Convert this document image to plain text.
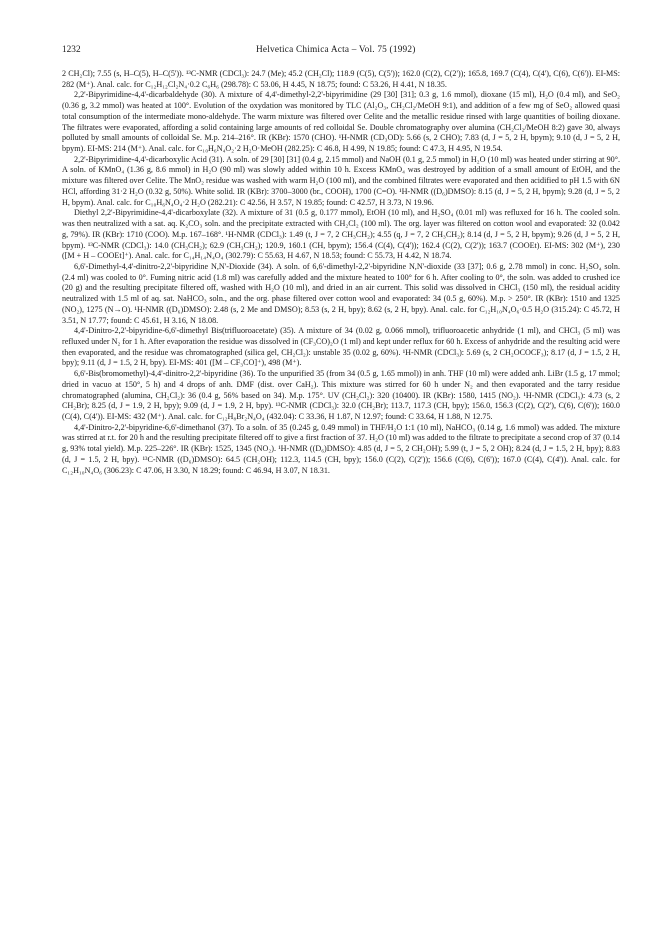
1232	Helvetica Chimica Acta – Vol. 75 (1992)

2 CH₂Cl); 7.55 (s, H–C(5), H–C(5')). ¹³C-NMR (CDCl₃): 24.7 (Me); 45.2 (CH₂Cl); 118.9 (C(5), C(5')); 162.0 (C(2), C(2')); 165.8, 169.7 (C(4), C(4'), C(6), C(6')). EI-MS: 282 (M⁺). Anal. calc. for C₁₂H₁₂Cl₂N₄·0.2 C₆H₆ (298.78): C 53.06, H 4.45, N 18.75; found: C 53.26, H 4.41, N 18.35.

2,2'-Bipyrimidine-4,4'-dicarbaldehyde (30). A mixture of 4,4'-dimethyl-2,2'-bipyrimidine (29 [30] [31]; 0.3 g, 1.6 mmol), dioxane (15 ml), H₂O (0.4 ml), and SeO₂ (0.36 g, 3.2 mmol) was heated at 100°. Evolution of the oxydation was monitored by TLC (Al₂O₃, CH₂Cl₂/MeOH 9:1), and addition of a few mg of SeO₂ allowed quasi total consumption of the intermediate mono-aldehyde. The warm mixture was filtered over Celite and the metallic residue rinsed with large quantities of boiling dioxane. The filtrates were evaporated, affording a solid containing large amounts of red colloidal Se. Double chromatography over alumina (CH₂Cl₂/MeOH 8:2) gave 30, always polluted by small amounts of colloidal Se. M.p. 214–216°. IR (KBr): 1570 (CHO). ¹H-NMR (CD₃OD): 5.66 (s, 2 CHO); 7.83 (d, J = 5, 2 H, bpym); 9.10 (d, J = 5, 2 H, bpym). EI-MS: 214 (M⁺). Anal. calc. for C₁₀H₆N₄O₂·2 H₂O·MeOH (282.25): C 46.8, H 4.99, N 19.85; found: C 47.3, H 4.95, N 19.54.

2,2'-Bipyrimidine-4,4'-dicarboxylic Acid (31). A soln. of 29 [30] [31] (0.4 g, 2.15 mmol) and NaOH (0.1 g, 2.5 mmol) in H₂O (10 ml) was heated under stirring at 90°. A soln. of KMnO₄ (1.36 g, 8.6 mmol) in H₂O (90 ml) was slowly added within 10 h. Excess KMnO₄ was destroyed by addition of a small amount of EtOH, and the mixture was filtered over Celite. The MnO₂ residue was washed with warm H₂O (100 ml), and the combined filtrates were evaporated and then acidified to pH 1.5 with 6N HCl, affording 31·2 H₂O (0.32 g, 50%). White solid. IR (KBr): 3700–3000 (br., COOH), 1700 (C=O). ¹H-NMR ((D₆)DMSO): 8.15 (d, J = 5, 2 H, bpym); 9.28 (d, J = 5, 2 H, bpym). Anal. calc. for C₁₀H₆N₄O₄·2 H₂O (282.21): C 42.56, H 3.57, N 19.85; found: C 42.57, H 3.73, N 19.96.

Diethyl 2,2'-Bipyrimidine-4,4'-dicarboxylate (32). A mixture of 31 (0.5 g, 0.177 mmol), EtOH (10 ml), and H₂SO₄ (0.01 ml) was refluxed for 16 h. The cooled soln. was then neutralized with a sat. aq. K₂CO₃ soln. and the precipitate extracted with CH₂Cl₂ (100 ml). The org. layer was filtered on cotton wool and evaporated: 32 (0.042 g, 79%). IR (KBr): 1710 (COO). M.p. 167–168°. ¹H-NMR (CDCl₃): 1.49 (t, J = 7, 2 CH₃CH₂); 4.55 (q, J = 7, 2 CH₃CH₂); 8.14 (d, J = 5, 2 H, bpym); 9.26 (d, J = 5, 2 H, bpym). ¹³C-NMR (CDCl₃): 14.0 (CH₃CH₂); 62.9 (CH₃CH₂); 120.9, 160.1 (CH, bpym); 156.4 (C(4), C(4')); 162.4 (C(2), C(2')); 163.7 (COOEt). EI-MS: 302 (M⁺), 230 ([M + H – COOEt]⁺). Anal. calc. for C₁₄H₁₄N₄O₄ (302.79): C 55.63, H 4.67, N 18.53; found: C 55.73, H 4.42, N 18.74.

6,6'-Dimethyl-4,4'-dinitro-2,2'-bipyridine N,N'-Dioxide (34). A soln. of 6,6'-dimethyl-2,2'-bipyridine N,N'-dioxide (33 [37]; 0.6 g, 2.78 mmol) in conc. H₂SO₄ soln. (2.4 ml) was cooled to 0°. Fuming nitric acid (1.8 ml) was carefully added and the mixture heated to 100° for 6 h. After cooling to 0°, the soln. was added to crushed ice (20 g) and the resulting precipitate filtered off, washed with H₂O (10 ml), and dried in an air current. This solid was dissolved in CHCl₃ (150 ml), the residual acidity neutralized with 1.5 ml of aq. sat. NaHCO₃ soln., and the org. phase filtered over cotton wool and evaporated: 34 (0.5 g, 60%). M.p. > 250°. IR (KBr): 1510 and 1325 (NO₂), 1275 (N→O). ¹H-NMR ((D₆)DMSO): 2.48 (s, 2 Me and DMSO); 8.53 (s, 2 H, bpy); 8.62 (s, 2 H, bpy). Anal. calc. for C₁₂H₁₀N₄O₆·0.5 H₂O (315.24): C 45.72, H 3.51, N 17.77; found: C 45.61, H 3.16, N 18.08.

4,4'-Dinitro-2,2'-bipyridine-6,6'-dimethyl Bis(trifluoroacetate) (35). A mixture of 34 (0.02 g, 0.066 mmol), trifluoroacetic anhydride (1 ml), and CHCl₃ (5 ml) was refluxed under N₂ for 1 h. After evaporation the residue was dissolved in (CF₃CO)₂O (1 ml) and kept under reflux for 60 h. Excess of anhydride and the resulting acid were then evaporated, and the residue was chromatographed (silica gel, CH₂Cl₂): unstable 35 (0.02 g, 60%). ¹H-NMR (CDCl₃): 5.69 (s, 2 CH₂OCOCF₃); 8.17 (d, J = 1.5, 2 H, bpy); 9.11 (d, J = 1.5, 2 H, bpy). EI-MS: 401 ([M – CF₃CO]⁺), 498 (M⁺).

6,6'-Bis(bromomethyl)-4,4'-dinitro-2,2'-bipyridine (36). To the unpurified 35 (from 34 (0.5 g, 1.65 mmol)) in anh. THF (10 ml) were added anh. LiBr (1.5 g, 17 mmol; dried in vacuo at 150°, 5 h) and 4 drops of anh. DMF (dist. over CaH₂). This mixture was stirred for 60 h under N₂ and then evaporated and the tarry residue chromatographed (alumina, CH₂Cl₂): 36 (0.4 g, 56% based on 34). M.p. 175°. UV (CH₂Cl₂): 320 (10400). IR (KBr): 1580, 1415 (NO₂). ¹H-NMR (CDCl₃): 4.73 (s, 2 CH₂Br); 8.25 (d, J = 1.9, 2 H, bpy); 9.09 (d, J = 1.9, 2 H, bpy). ¹³C-NMR (CDCl₃): 32.0 (CH₂Br); 113.7, 117.3 (CH, bpy); 156.0, 156.3 (C(2), C(2'), C(6), C(6')); 160.0 (C(4), C(4')). EI-MS: 432 (M⁺). Anal. calc. for C₁₂H₈Br₂N₄O₄ (432.04): C 33.36, H 1.87, N 12.97; found: C 33.64, H 1.88, N 12.75.

4,4'-Dinitro-2,2'-bipyridine-6,6'-dimethanol (37). To a soln. of 35 (0.245 g, 0.49 mmol) in THF/H₂O 1:1 (10 ml), NaHCO₃ (0.14 g, 1.6 mmol) was added. The mixture was stirred at r.t. for 20 h and the resulting precipitate filtered off to give a first fraction of 37. H₂O (10 ml) was added to the filtrate to precipitate a second crop of 37 (0.14 g, 93% total yield). M.p. 225–226°. IR (KBr): 1525, 1345 (NO₂). ¹H-NMR ((D₆)DMSO): 4.85 (d, J = 5, 2 CH₂OH); 5.99 (t, J = 5, 2 OH); 8.24 (d, J = 1.5, 2 H, bpy); 8.83 (d, J = 1.5, 2 H, bpy). ¹³C-NMR ((D₆)DMSO): 64.5 (CH₂OH); 112.3, 114.5 (CH, bpy); 156.0 (C(2), C(2')); 156.6 (C(6), C(6')); 167.0 (C(4), C(4')). Anal. calc. for C₁₂H₁₀N₄O₆ (306.23): C 47.06, H 3.30, N 18.29; found: C 46.94, H 3.07, N 18.31.
